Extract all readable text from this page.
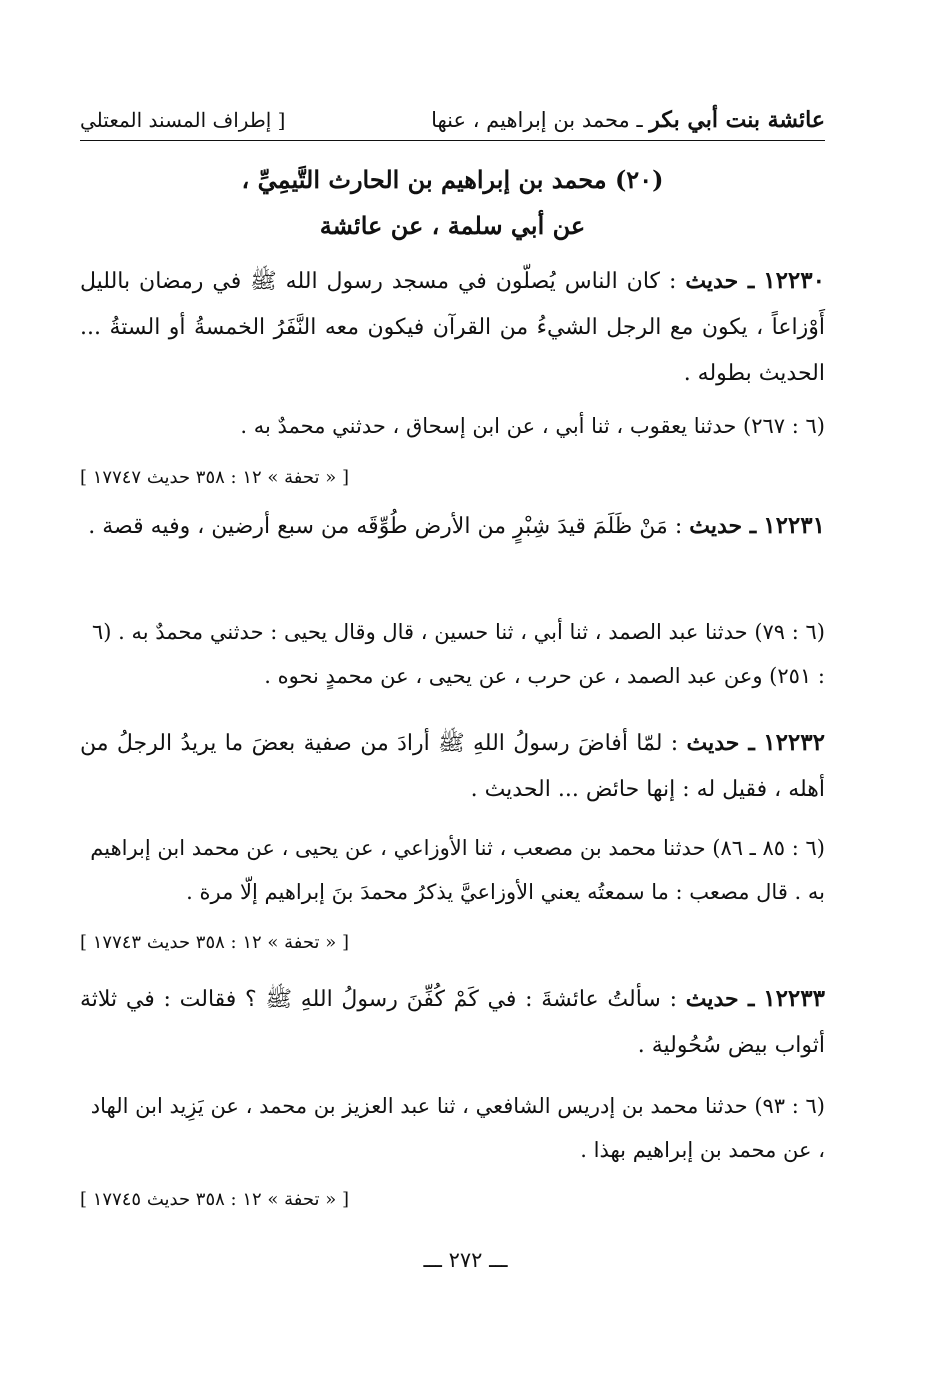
عائشة بنت أبي بكر ـ محمد بن إبراهيم ، عنها
[ إطراف المسند المعتلي
(٢٠) محمد بن إبراهيم بن الحارث التَّيمِيِّ ،
عن أبي سلمة ، عن عائشة
١٢٢٣٠ ـ حديث : كان الناس يُصلّون في مسجد رسول الله ﷺ في رمضان بالليل أَوْزاعاً ، يكون مع الرجل الشيءُ من القرآن فيكون معه النَّفَرُ الخمسةُ أو الستةُ ... الحديث بطوله .
(٦ : ٢٦٧) حدثنا يعقوب ، ثنا أبي ، عن ابن إسحاق ، حدثني محمدٌ به .
[ « تحفة » ١٢ : ٣٥٨ حديث ١٧٧٤٧ ]
١٢٢٣١ ـ حديث : مَنْ ظَلَمَ قيدَ شِبْرٍ من الأرض طُوِّقَه من سبع أرضين ، وفيه قصة .
(٦ : ٧٩) حدثنا عبد الصمد ، ثنا أبي ، ثنا حسين ، قال وقال يحيى : حدثني محمدٌ به . (٦ : ٢٥١) وعن عبد الصمد ، عن حرب ، عن يحيى ، عن محمدٍ نحوه .
١٢٢٣٢ ـ حديث : لمّا أفاضَ رسولُ اللهِ ﷺ أرادَ من صفية بعضَ ما يريدُ الرجلُ من أهله ، فقيل له : إنها حائض ... الحديث .
(٦ : ٨٥ ـ ٨٦) حدثنا محمد بن مصعب ، ثنا الأوزاعي ، عن يحيى ، عن محمد ابن إبراهيم به . قال مصعب : ما سمعتُه يعني الأوزاعيَّ يذكرُ محمدَ بنَ إبراهيم إلّا مرة .
[ « تحفة » ١٢ : ٣٥٨ حديث ١٧٧٤٣ ]
١٢٢٣٣ ـ حديث : سألتُ عائشةَ : في كَمْ كُفِّنَ رسولُ اللهِ ﷺ ؟ فقالت : في ثلاثة أثواب بيض سُحُولية .
(٦ : ٩٣) حدثنا محمد بن إدريس الشافعي ، ثنا عبد العزيز بن محمد ، عن يَزِيد ابن الهاد ، عن محمد بن إبراهيم بهذا .
[ « تحفة » ١٢ : ٣٥٨ حديث ١٧٧٤٥ ]
ـــ ٢٧٢ ـــ
